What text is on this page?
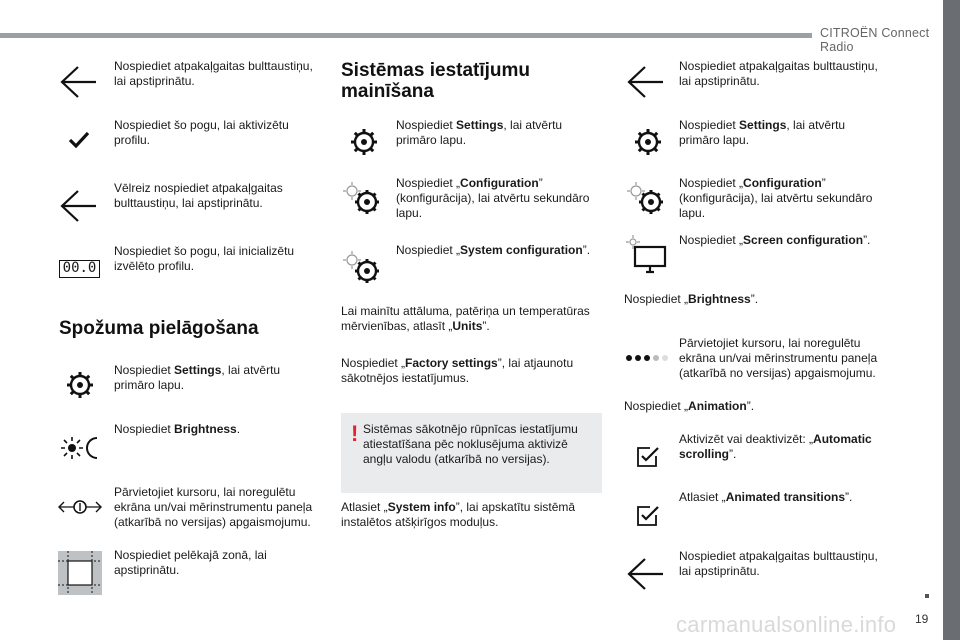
CITROËN Connect Radio
19
carmanualsonline.info
Nospiediet atpakaļgaitas bulttaustiņu, lai apstiprinātu.
Nospiediet šo pogu, lai aktivizētu profilu.
Vēlreiz nospiediet atpakaļgaitas bulttaustiņu, lai apstiprinātu.
00.0
Nospiediet šo pogu, lai inicializētu izvēlēto profilu.
Spožuma pielāgošana
Nospiediet Settings, lai atvērtu primāro lapu.
Nospiediet Brightness.
Pārvietojiet kursoru, lai noregulētu ekrāna un/vai mērinstrumentu paneļa (atkarībā no versijas) apgaismojumu.
Nospiediet pelēkajā zonā, lai apstiprinātu.
Sistēmas iestatījumu mainīšana
Nospiediet Settings, lai atvērtu primāro lapu.
Nospiediet „Configuration” (konfigurācija), lai atvērtu sekundāro lapu.
Nospiediet „System configuration”.
Lai mainītu attāluma, patēriņa un temperatūras mērvienības, atlasīt „Units”.
Nospiediet „Factory settings”, lai atjaunotu sākotnējos iestatījumus.
! Sistēmas sākotnējo rūpnīcas iestatījumu atiestatīšana pēc noklusējuma aktivizē angļu valodu (atkarībā no versijas).
Atlasiet „System info”, lai apskatītu sistēmā instalētos atšķirīgos moduļus.
Nospiediet atpakaļgaitas bulttaustiņu, lai apstiprinātu.
Nospiediet Settings, lai atvērtu primāro lapu.
Nospiediet „Configuration” (konfigurācija), lai atvērtu sekundāro lapu.
Nospiediet „Screen configuration”.
Nospiediet „Brightness”.
Pārvietojiet kursoru, lai noregulētu ekrāna un/vai mērinstrumentu paneļa (atkarībā no versijas) apgaismojumu.
Nospiediet „Animation”.
Aktivizēt vai deaktivizēt: „Automatic scrolling”.
Atlasiet „Animated transitions”.
Nospiediet atpakaļgaitas bulttaustiņu, lai apstiprinātu.
